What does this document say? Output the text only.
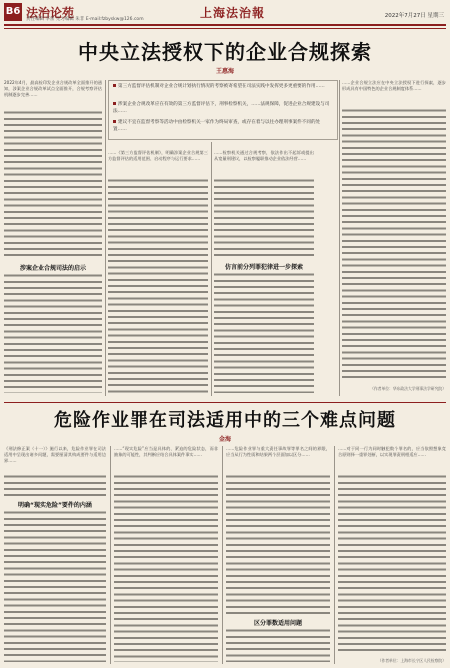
B6 法治论苑
责任编辑 李蕾 见习编辑 朱非 E-mail:fzbyskw@126.com	上海法治報	2022年7月27日 星期三
中央立法授权下的企业合规探索
王惠海
2022年4月，最高检印发企业合规改革全面推开的通知，涉案企业合规改革试点全面推开，合规考察评估机制逐步完善……
涉案企业合规司法的启示
第三方监督评估机制对企业合规计划执行情况的考察被寄希望在司法实践中发挥更多更重要的作用……
涉案企业合规改革应在有效的第三方监督评估下，刑事检察机关，……法规保障，促进企业合规建设与司法……
建议不宜在监督考察等活动中由检察机关一家作为终局审查，或存在着与以往办理刑事案件不同的处置……
……《第三方监督评估机制》，明确涉案企业合规第三方监督评估的适用范围、启动程序与运行要求……
……检察机关通过合规考察，依法作出不起诉或提出从宽量刑建议，以检察履职推动企业依法经营……
仿言前分列罪犯律进一步探索
……企业合规立法应在中央立法授权下进行探索，逐步形成具有中国特色的企业合规制度体系……
（作者单位：华东政法大学刑事法学研究院）
危险作业罪在司法适用中的三个难点问题
金海
《刑法修正案（十一）》施行以来，危险作业罪在司法适用中呈现出诸多问题，需要厘清其构成要件与适用边界……
明确“现实危险”要件的内涵
……“现实危险”应当是具体的、紧迫的危险状态，而非抽象的可能性，其判断应结合具体案件事实……
……危险作业罪与重大责任事故罪等罪名之间的界限，应当从行为性质和结果两个层面加以区分……
区分罪数适用问题
……对于同一行为同时触犯数个罪名的，应当依照想象竞合原则择一重罪处断，以实现罪责刑相适应……
（作者单位：上海市长宁区人民检察院）
